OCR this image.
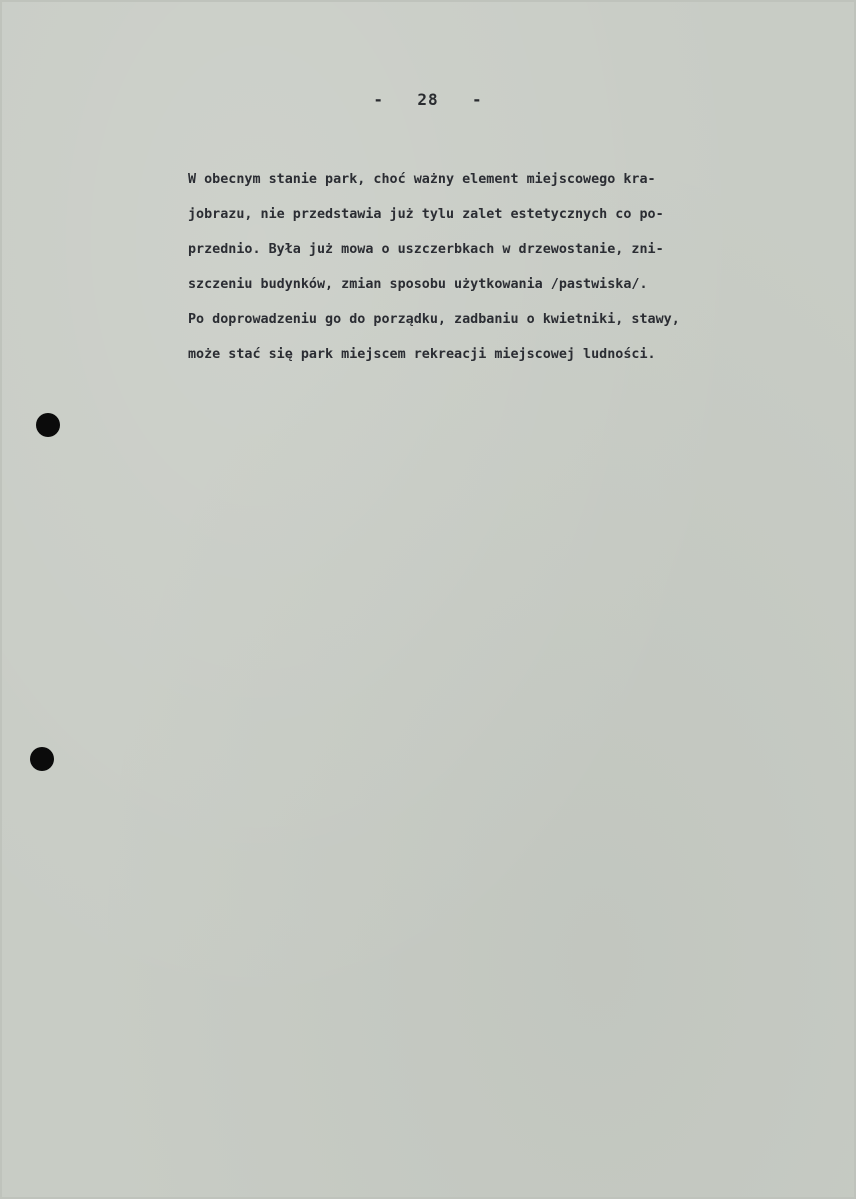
- 28 -
W obecnym stanie park, choć ważny element miejscowego kra-
jobrazu, nie przedstawia już tylu zalet estetycznych co po-
przednio. Była już mowa o uszczerbkach w drzewostanie, zni-
szczeniu budynków, zmian sposobu użytkowania /pastwiska/.
Po doprowadzeniu go do porządku, zadbaniu o kwietniki, stawy,
może stać się park miejscem rekreacji miejscowej ludności.
